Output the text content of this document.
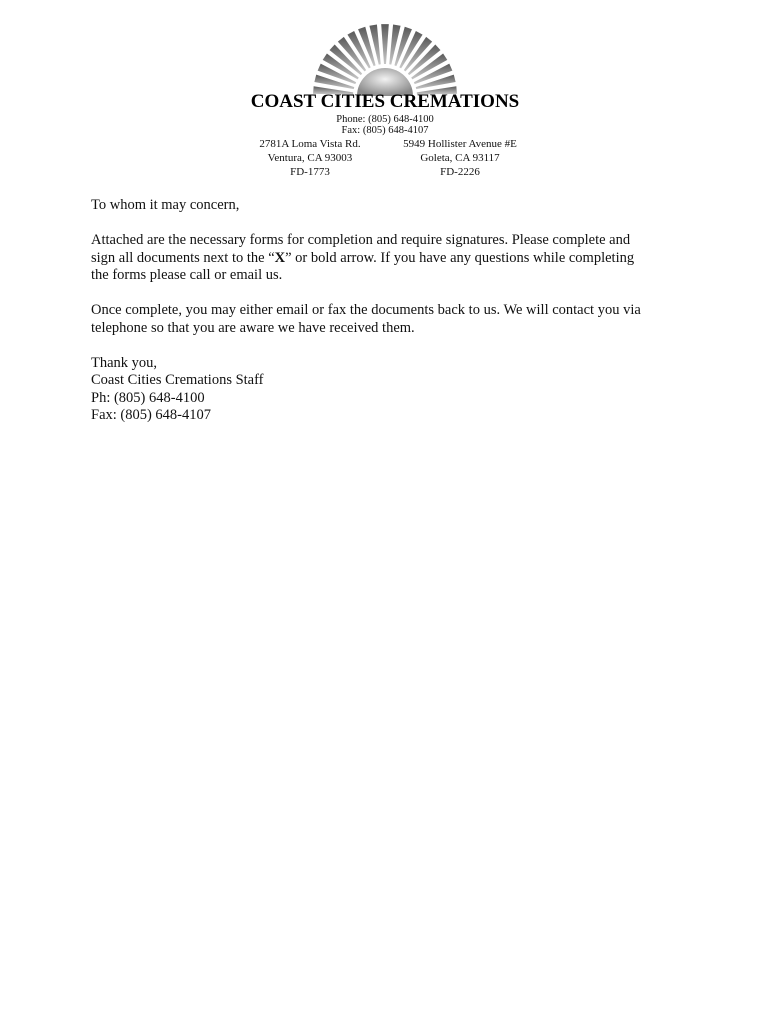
COAST CITIES CREMATIONS
Phone: (805) 648-4100
Fax: (805) 648-4107
2781A Loma Vista Rd.
Ventura, CA 93003
FD-1773
5949 Hollister Avenue #E
Goleta, CA 93117
FD-2226

To whom it may concern,

Attached are the necessary forms for completion and require signatures. Please complete and sign all documents next to the “X” or bold arrow. If you have any questions while completing the forms please call or email us.

Once complete, you may either email or fax the documents back to us. We will contact you via telephone so that you are aware we have received them.

Thank you,
Coast Cities Cremations Staff
Ph: (805) 648-4100
Fax: (805) 648-4107
